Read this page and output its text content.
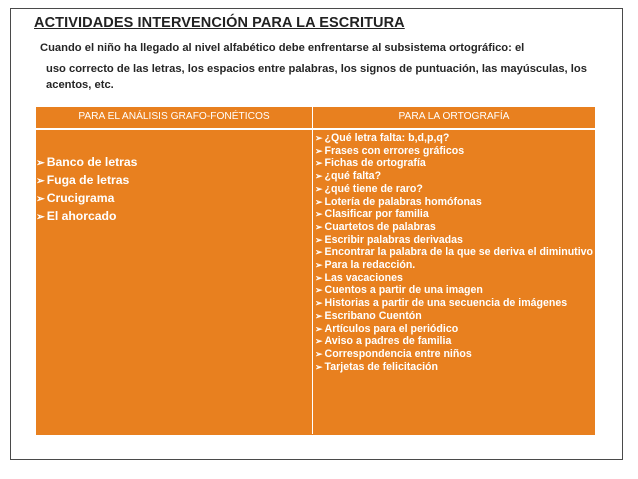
ACTIVIDADES INTERVENCIÓN PARA LA ESCRITURA
Cuando el niño ha llegado al nivel alfabético debe enfrentarse al subsistema ortográfico: el
uso correcto de las letras, los espacios entre palabras, los signos de puntuación, las mayúsculas, los acentos, etc.
PARA EL ANÁLISIS GRAFO-FONÉTICOS	PARA LA ORTOGRAFÍA
➢ Banco de letras
➢ Fuga de letras
➢ Crucigrama
➢ El ahorcado
➢ ¿Qué letra falta: b,d,p,q?
➢ Frases con errores gráficos
➢ Fichas de ortografía
➢ ¿qué falta?
➢ ¿qué tiene de raro?
➢ Lotería de palabras homófonas
➢ Clasificar por familia
➢ Cuartetos de palabras
➢ Escribir palabras derivadas
➢ Encontrar la palabra de la que se deriva el diminutivo
➢ Para la redacción.
➢ Las vacaciones
➢ Cuentos a partir de una imagen
➢ Historias a partir de una secuencia de imágenes
➢ Escribano Cuentón
➢ Artículos para el periódico
➢ Aviso a padres de familia
➢ Correspondencia entre niños
➢ Tarjetas de felicitación
